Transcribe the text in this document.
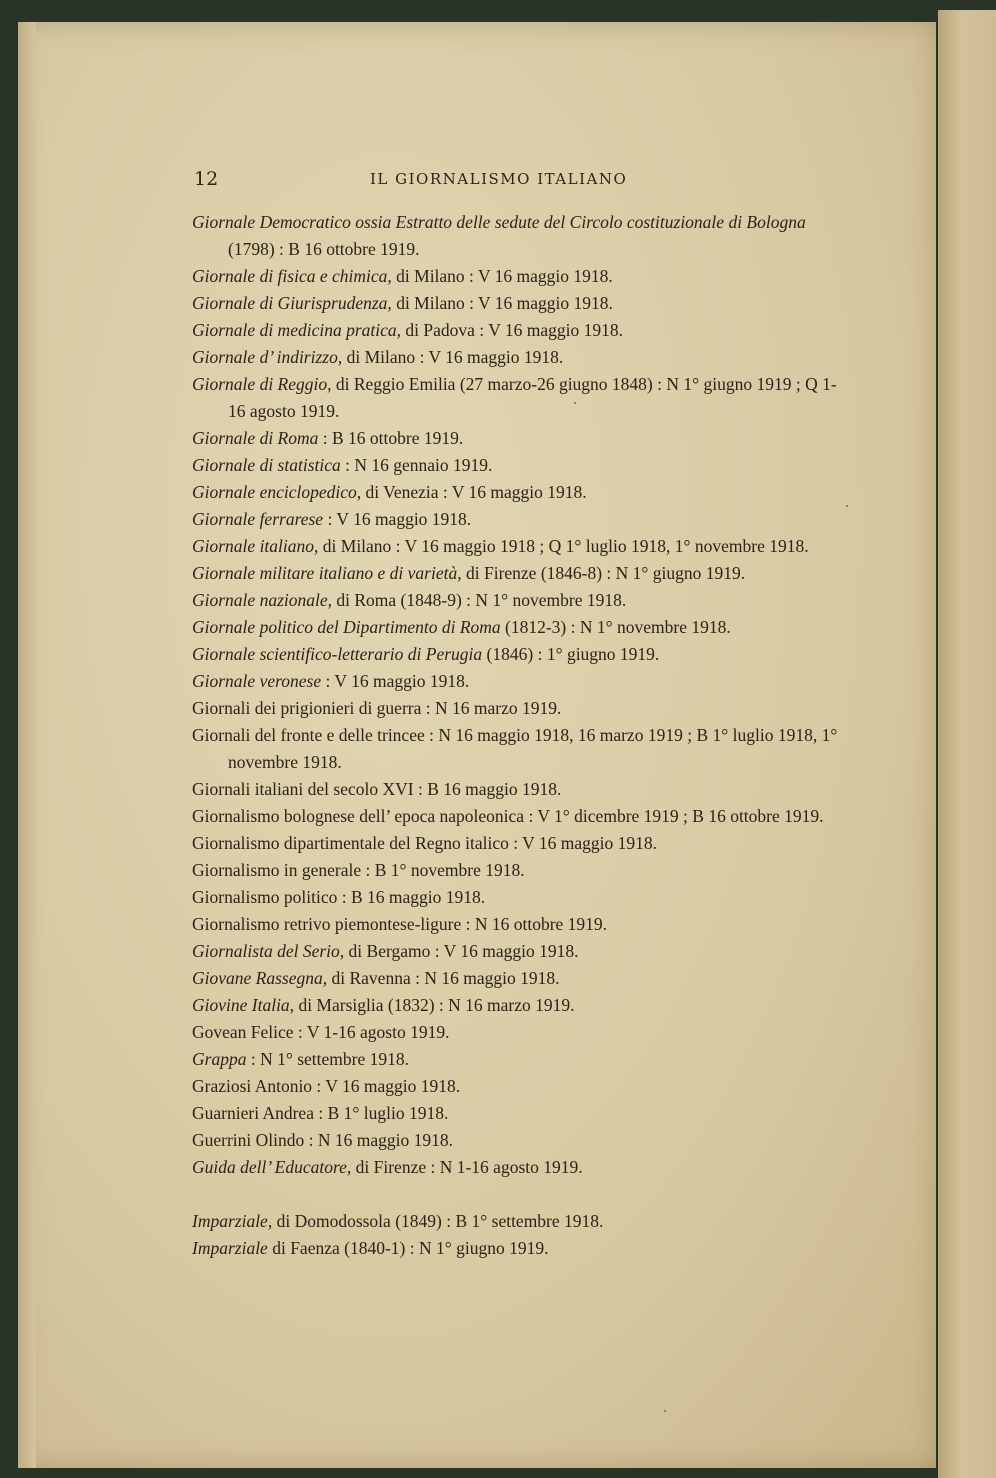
12	IL GIORNALISMO ITALIANO

Giornale Democratico ossia Estratto delle sedute del Circolo costituzionale di Bologna (1798) : B 16 ottobre 1919.

Giornale di fisica e chimica, di Milano : V 16 maggio 1918.

Giornale di Giurisprudenza, di Milano : V 16 maggio 1918.

Giornale di medicina pratica, di Padova : V 16 maggio 1918.

Giornale d’ indirizzo, di Milano : V 16 maggio 1918.

Giornale di Reggio, di Reggio Emilia (27 marzo-26 giugno 1848) : N 1° giugno 1919 ; Q 1-16 agosto 1919.

Giornale di Roma : B 16 ottobre 1919.

Giornale di statistica : N 16 gennaio 1919.

Giornale enciclopedico, di Venezia : V 16 maggio 1918.

Giornale ferrarese : V 16 maggio 1918.

Giornale italiano, di Milano : V 16 maggio 1918 ; Q 1° luglio 1918, 1° novembre 1918.

Giornale militare italiano e di varietà, di Firenze (1846-8) : N 1° giugno 1919.

Giornale nazionale, di Roma (1848-9) : N 1° novembre 1918.

Giornale politico del Dipartimento di Roma (1812-3) : N 1° novembre 1918.

Giornale scientifico-letterario di Perugia (1846) : 1° giugno 1919.

Giornale veronese : V 16 maggio 1918.

Giornali dei prigionieri di guerra : N 16 marzo 1919.

Giornali del fronte e delle trincee : N 16 maggio 1918, 16 marzo 1919 ; B 1° luglio 1918, 1° novembre 1918.

Giornali italiani del secolo XVI : B 16 maggio 1918.

Giornalismo bolognese dell’ epoca napoleonica : V 1° dicembre 1919 ; B 16 ottobre 1919.

Giornalismo dipartimentale del Regno italico : V 16 maggio 1918.

Giornalismo in generale : B 1° novembre 1918.

Giornalismo politico : B 16 maggio 1918.

Giornalismo retrivo piemontese-ligure : N 16 ottobre 1919.

Giornalista del Serio, di Bergamo : V 16 maggio 1918.

Giovane Rassegna, di Ravenna : N 16 maggio 1918.

Giovine Italia, di Marsiglia (1832) : N 16 marzo 1919.

Govean Felice : V 1-16 agosto 1919.

Grappa : N 1° settembre 1918.

Graziosi Antonio : V 16 maggio 1918.

Guarnieri Andrea : B 1° luglio 1918.

Guerrini Olindo : N 16 maggio 1918.

Guida dell’ Educatore, di Firenze : N 1-16 agosto 1919.

Imparziale, di Domodossola (1849) : B 1° settembre 1918.

Imparziale di Faenza (1840-1) : N 1° giugno 1919.
